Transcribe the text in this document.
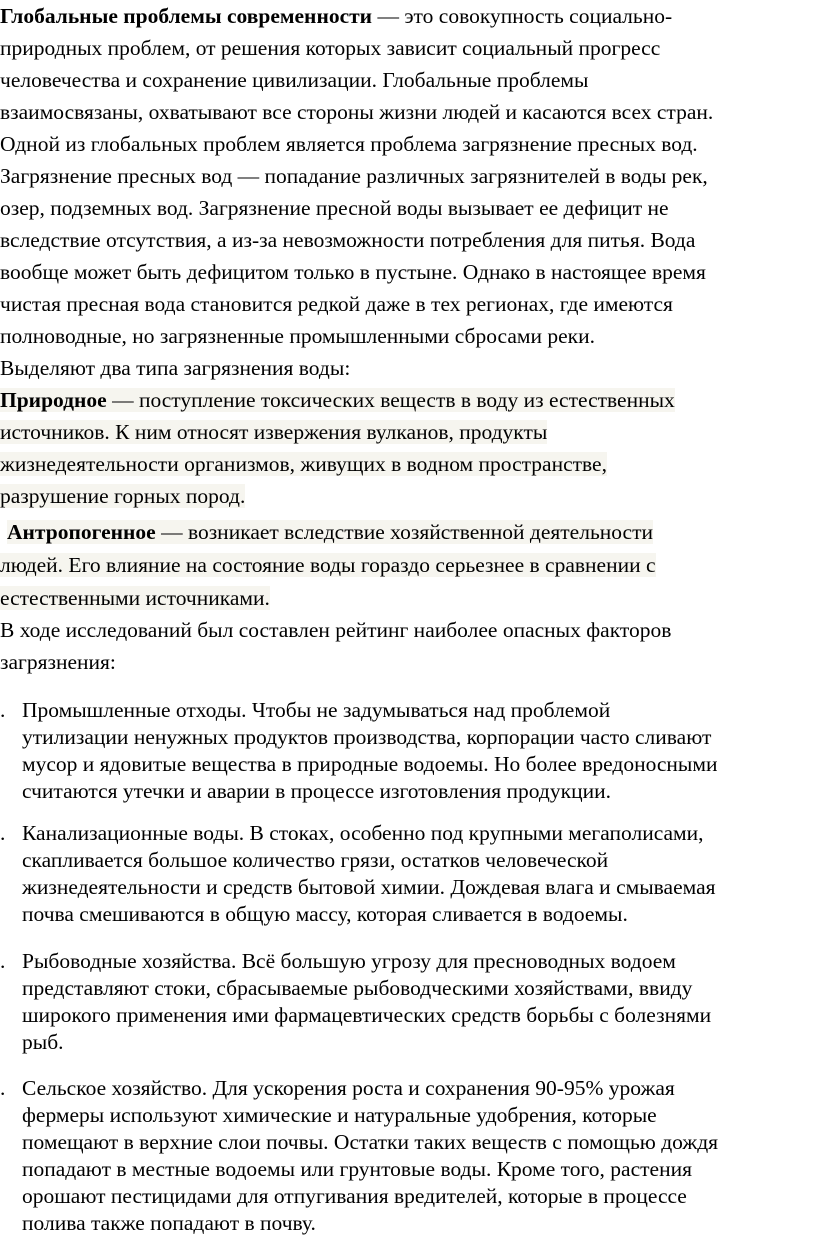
Глобальные проблемы современности — это совокупность социально-
природных проблем, от решения которых зависит социальный прогресс
человечества и сохранение цивилизации. Глобальные проблемы
взаимосвязаны, охватывают все стороны жизни людей и касаются всех стран.
Одной из глобальных проблем является проблема загрязнение пресных вод.
Загрязнение пресных вод — попадание различных загрязнителей в воды рек,
озер, подземных вод. Загрязнение пресной воды вызывает ее дефицит не
вследствие отсутствия, а из-за невозможности потребления для питья. Вода
вообще может быть дефицитом только в пустыне. Однако в настоящее время
чистая пресная вода становится редкой даже в тех регионах, где имеются
полноводные, но загрязненные промышленными сбросами реки.
Выделяют два типа загрязнения воды:
Природное — поступление токсических веществ в воду из естественных
источников. К ним относят извержения вулканов, продукты
жизнедеятельности организмов, живущих в водном пространстве,
разрушение горных пород.
Антропогенное — возникает вследствие хозяйственной деятельности
людей. Его влияние на состояние воды гораздо серьезнее в сравнении с
естественными источниками.
В ходе исследований был составлен рейтинг наиболее опасных факторов
загрязнения:
. Промышленные отходы. Чтобы не задумываться над проблемой
утилизации ненужных продуктов производства, корпорации часто сливают
мусор и ядовитые вещества в природные водоемы. Но более вредоносными
считаются утечки и аварии в процессе изготовления продукции.
. Канализационные воды. В стоках, особенно под крупными мегаполисами,
скапливается большое количество грязи, остатков человеческой
жизнедеятельности и средств бытовой химии. Дождевая влага и смываемая
почва смешиваются в общую массу, которая сливается в водоемы.
. Рыбоводные хозяйства. Всё большую угрозу для пресноводных водоем
представляют стоки, сбрасываемые рыбоводческими хозяйствами, ввиду
широкого применения ими фармацевтических средств борьбы с болезнями
рыб.
. Сельское хозяйство. Для ускорения роста и сохранения 90-95% урожая
фермеры используют химические и натуральные удобрения, которые
помещают в верхние слои почвы. Остатки таких веществ с помощью дождя
попадают в местные водоемы или грунтовые воды. Кроме того, растения
орошают пестицидами для отпугивания вредителей, которые в процессе
полива также попадают в почву.
